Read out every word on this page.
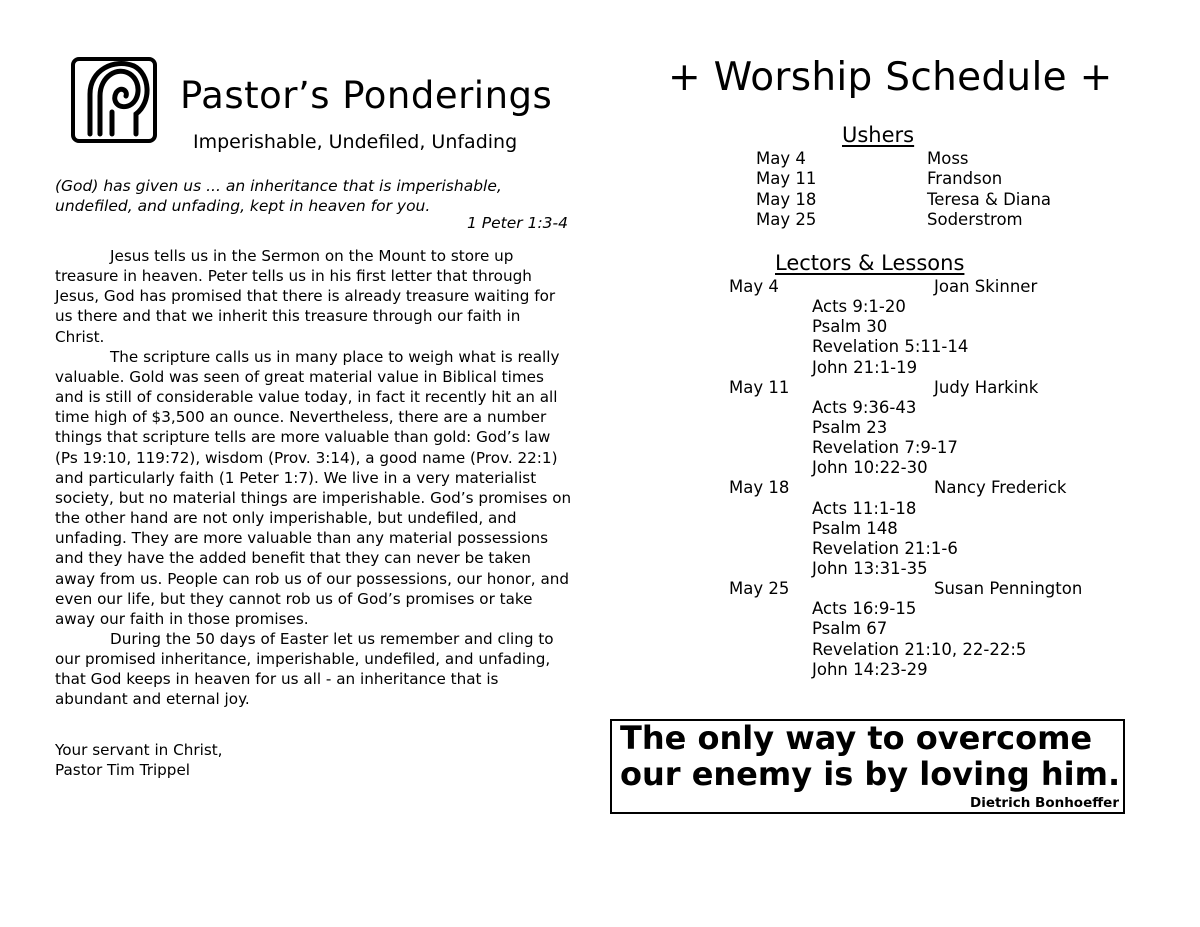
Pastor’s Ponderings
Imperishable, Undefiled, Unfading
(God) has given us ... an inheritance that is imperishable, undefiled, and unfading, kept in heaven for you.
1 Peter 1:3-4

Jesus tells us in the Sermon on the Mount to store up treasure in heaven. Peter tells us in his first letter that through Jesus, God has promised that there is already treasure waiting for us there and that we inherit this treasure through our faith in Christ.

The scripture calls us in many place to weigh what is really valuable. Gold was seen of great material value in Biblical times and is still of considerable value today, in fact it recently hit an all time high of $3,500 an ounce. Nevertheless, there are a number things that scripture tells are more valuable than gold: God’s law (Ps 19:10, 119:72), wisdom (Prov. 3:14), a good name (Prov. 22:1) and particularly faith (1 Peter 1:7). We live in a very materialist society, but no material things are imperishable. God’s promises on the other hand are not only imperishable, but undefiled, and unfading. They are more valuable than any material possessions and they have the added benefit that they can never be taken away from us. People can rob us of our possessions, our honor, and even our life, but they cannot rob us of God’s promises or take away our faith in those promises.

During the 50 days of Easter let us remember and cling to our promised inheritance, imperishable, undefiled, and unfading, that God keeps in heaven for us all - an inheritance that is abundant and eternal joy.

Your servant in Christ,
Pastor Tim Trippel
+ Worship Schedule +
Ushers
May 4	Moss
May 11	Frandson
May 18	Teresa & Diana
May 25	Soderstrom
Lectors & Lessons
May 4	Joan Skinner
Acts 9:1-20
Psalm 30
Revelation 5:11-14
John 21:1-19
May 11	Judy Harkink
Acts 9:36-43
Psalm 23
Revelation 7:9-17
John 10:22-30
May 18	Nancy Frederick
Acts 11:1-18
Psalm 148
Revelation 21:1-6
John 13:31-35
May 25	Susan Pennington
Acts 16:9-15
Psalm 67
Revelation 21:10, 22-22:5
John 14:23-29
The only way to overcome
our enemy is by loving him.
Dietrich Bonhoeffer
